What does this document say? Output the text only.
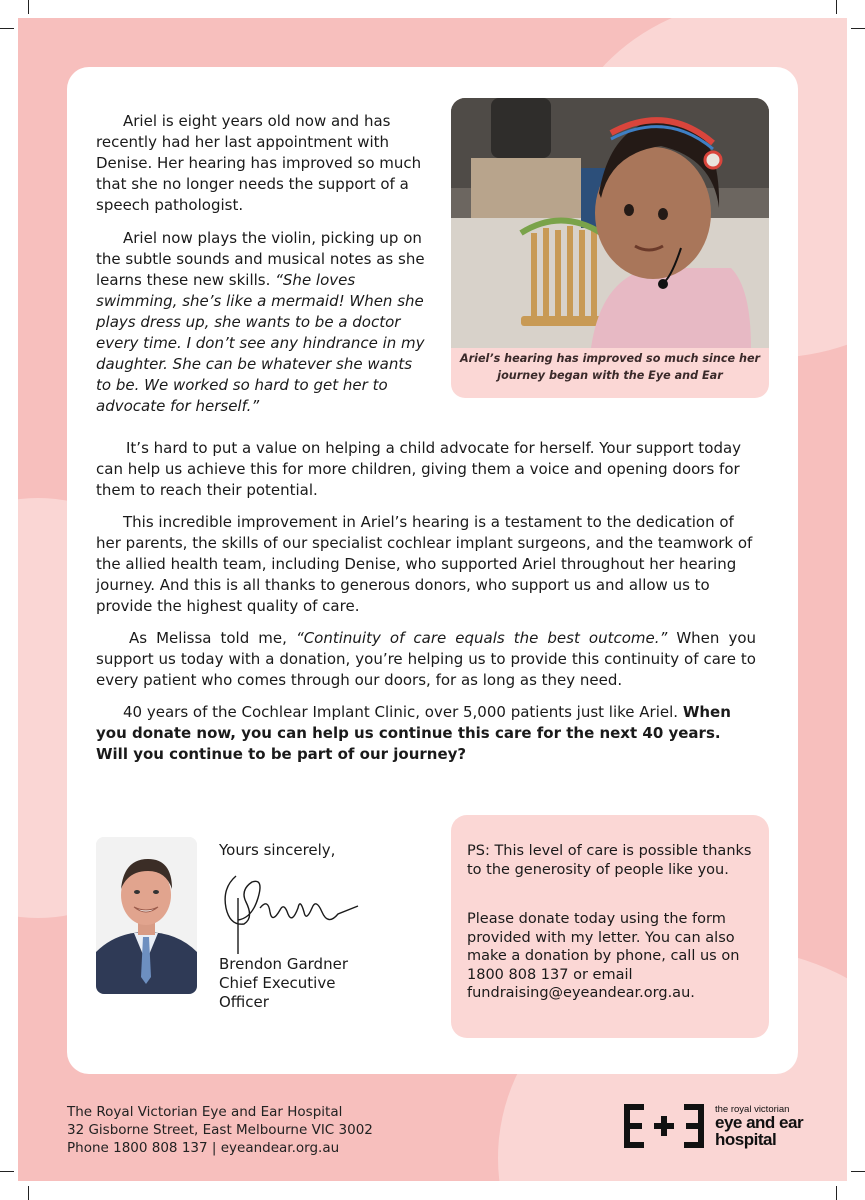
Ariel is eight years old now and has recently had her last appointment with Denise. Her hearing has improved so much that she no longer needs the support of a speech pathologist.

Ariel now plays the violin, picking up on the subtle sounds and musical notes as she learns these new skills. “She loves swimming, she’s like a mermaid! When she plays dress up, she wants to be a doctor every time. I don’t see any hindrance in my daughter. She can be whatever she wants to be. We worked so hard to get her to advocate for herself.”

Ariel’s hearing has improved so much since her journey began with the Eye and Ear

It’s hard to put a value on helping a child advocate for herself. Your support today can help us achieve this for more children, giving them a voice and opening doors for them to reach their potential.

This incredible improvement in Ariel’s hearing is a testament to the dedication of her parents, the skills of our specialist cochlear implant surgeons, and the teamwork of the allied health team, including Denise, who supported Ariel throughout her hearing journey. And this is all thanks to generous donors, who support us and allow us to provide the highest quality of care.

As Melissa told me, “Continuity of care equals the best outcome.” When you support us today with a donation, you’re helping us to provide this continuity of care to every patient who comes through our doors, for as long as they need.

40 years of the Cochlear Implant Clinic, over 5,000 patients just like Ariel. When you donate now, you can help us continue this care for the next 40 years. Will you continue to be part of our journey?

Yours sincerely,
Brendon Gardner
Chief Executive
Officer

PS: This level of care is possible thanks to the generosity of people like you.

Please donate today using the form provided with my letter. You can also make a donation by phone, call us on 1800 808 137 or email fundraising@eyeandear.org.au.

The Royal Victorian Eye and Ear Hospital
32 Gisborne Street, East Melbourne VIC 3002
Phone 1800 808 137 | eyeandear.org.au
the royal victorian
eye and ear
hospital
